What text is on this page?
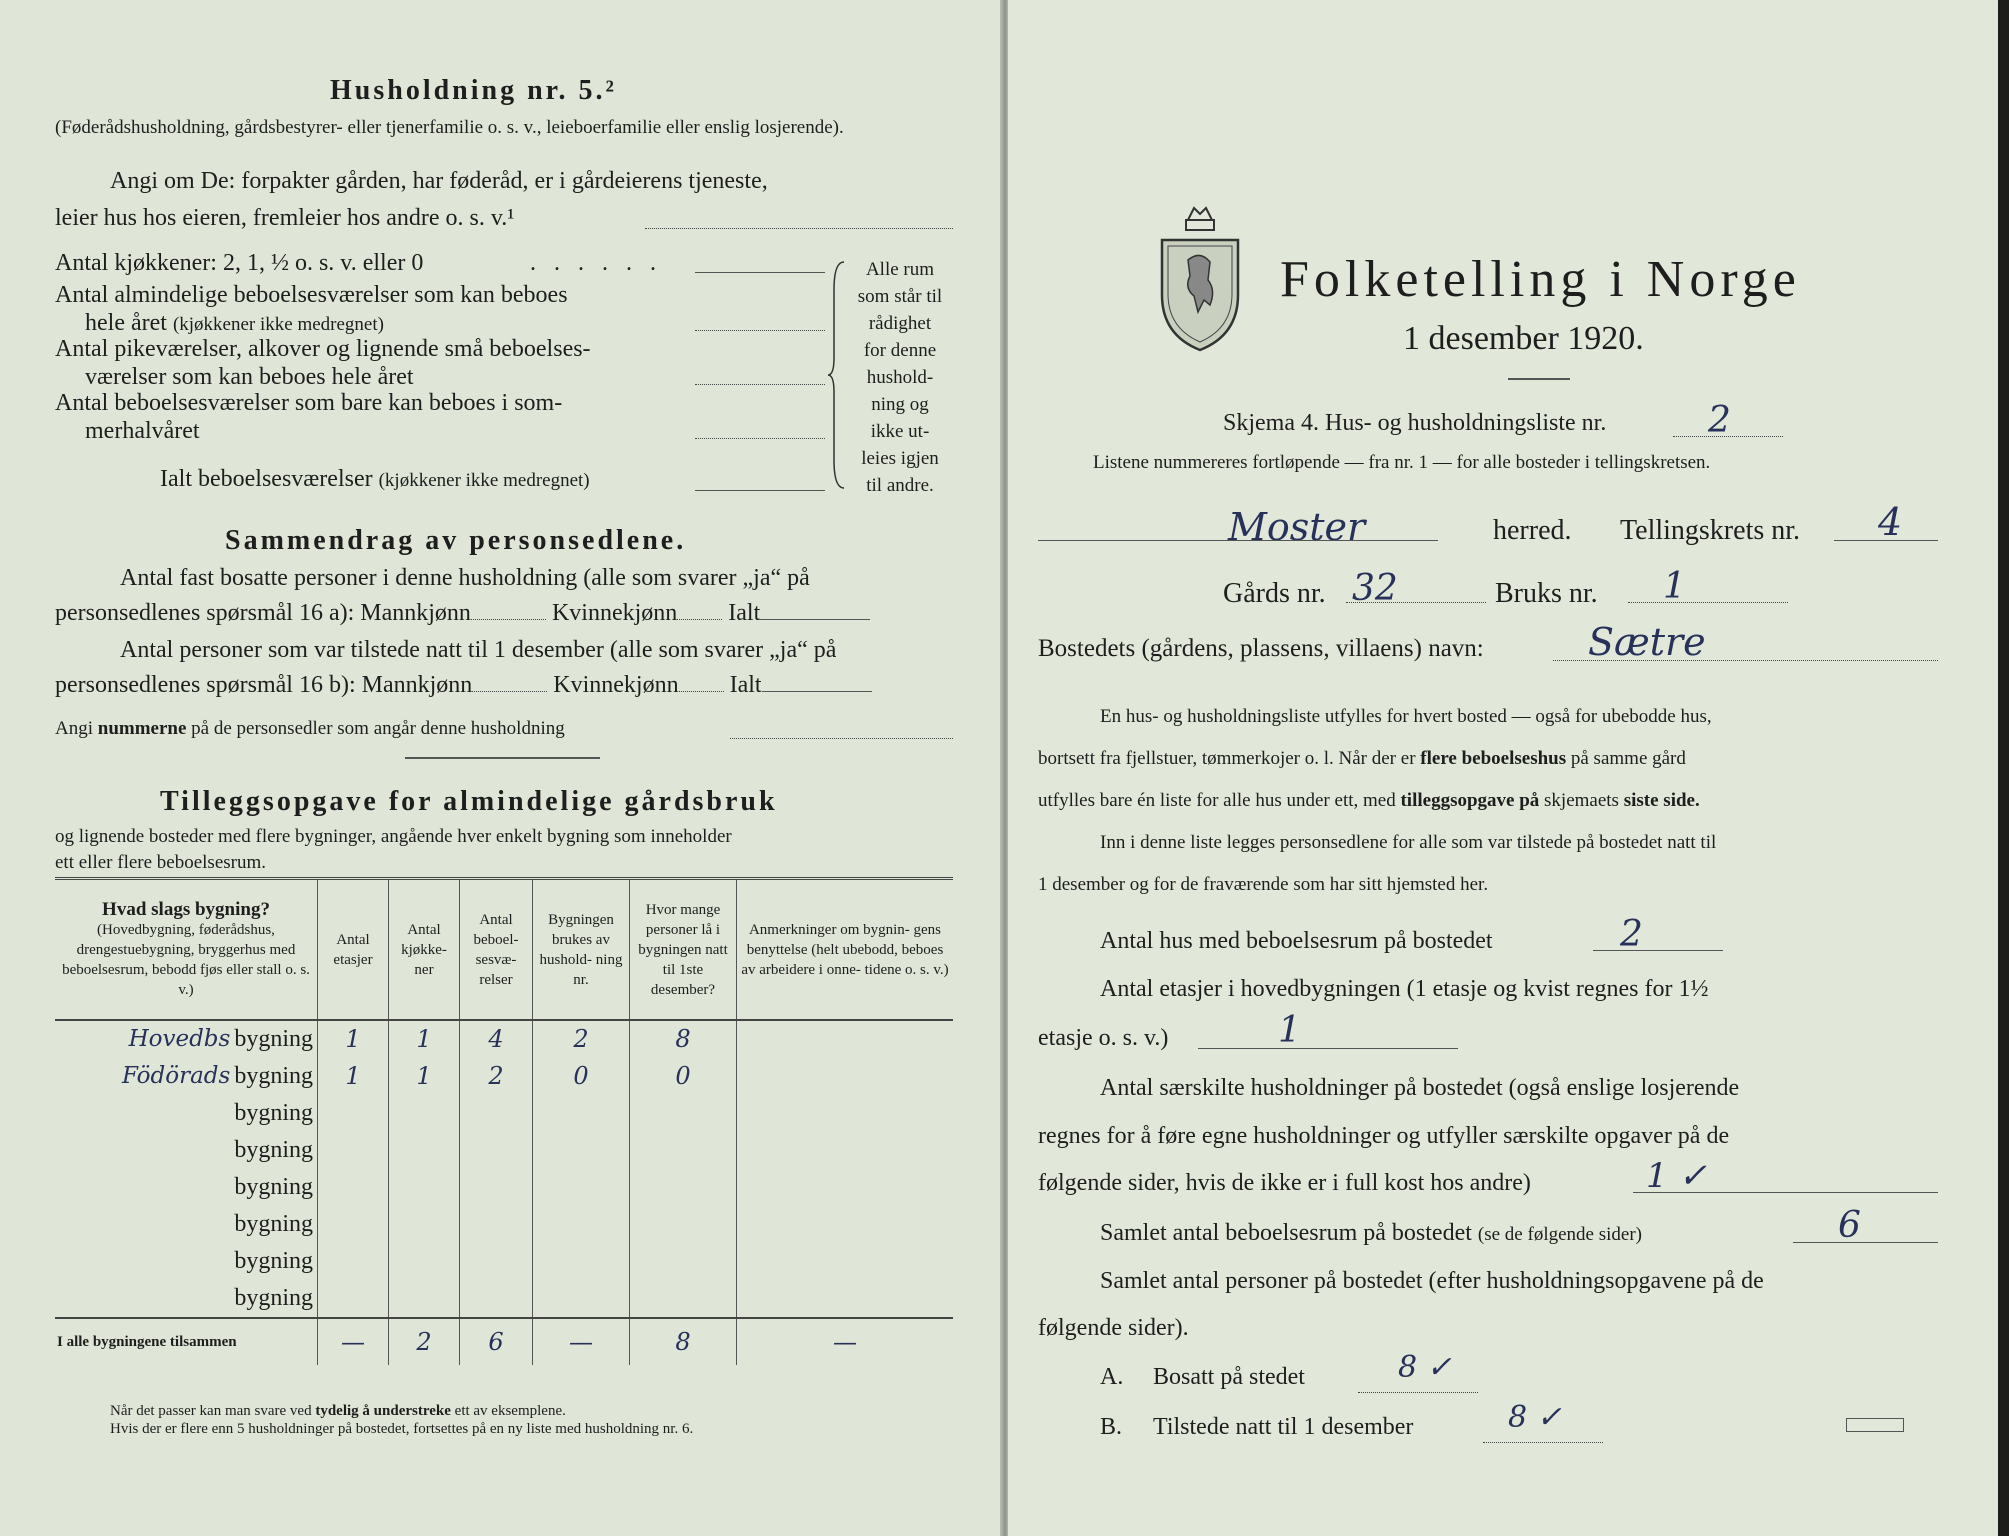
Husholdning nr. 5.²
(Føderådshusholdning, gårdsbestyrer- eller tjenerfamilie o. s. v., leieboerfamilie eller enslig losjerende).
Angi om De: forpakter gården, har føderåd, er i gårdeierens tjeneste,
leier hus hos eieren, fremleier hos andre o. s. v.¹
Antal kjøkkener: 2, 1, ½ o. s. v. eller 0	. . . . . .
Antal almindelige beboelsesværelser som kan beboes
hele året (kjøkkener ikke medregnet)
Antal pikeværelser, alkover og lignende små beboelses-
værelser som kan beboes hele året
Antal beboelsesværelser som bare kan beboes i som-
merhalvåret
Ialt beboelsesværelser (kjøkkener ikke medregnet)
Alle rum
som står til
rådighet
for denne
hushold-
ning og
ikke ut-
leies igjen
til andre.
Sammendrag av personsedlene.
Antal fast bosatte personer i denne husholdning (alle som svarer „ja“ på
personsedlenes spørsmål 16 a): Mannkjønn	Kvinnekjønn Ialt
Antal personer som var tilstede natt til 1 desember (alle som svarer „ja“ på
personsedlenes spørsmål 16 b): Mannkjønn	Kvinnekjønn Ialt
Angi nummerne på de personsedler som angår denne husholdning
Tilleggsopgave for almindelige gårdsbruk
og lignende bosteder med flere bygninger, angående hver enkelt bygning som inneholder
ett eller flere beboelsesrum.
Hvad slags bygning?
(Hovedbygning, føderådshus, drengestuebygning, bryggerhus med beboelsesrum, bebodd fjøs eller stall o. s. v.)	Antal etasjer	Antal kjøkke- ner	Antal beboel- sesvæ- relser	Bygningen brukes av hushold- ning nr.	Hvor mange personer lå i bygningen natt til 1ste desember?	Anmerkninger om bygnin- gens benyttelse (helt ubebodd, beboes av arbeidere i onne- tidene o. s. v.)
Hovedbs bygning	1	1	4	2	8	
Födörads bygning	1	1	2	0	0	
bygning						
bygning						
bygning						
bygning						
bygning						
bygning						
I alle bygningene tilsammen	—	2	6	—	8	—
Når det passer kan man svare ved tydelig å understreke ett av eksemplene.
Hvis der er flere enn 5 husholdninger på bostedet, fortsettes på en ny liste med husholdning nr. 6.
Folketelling i Norge
1 desember 1920.
Skjema 4. Hus- og husholdningsliste nr.	2
Listene nummereres fortløpende — fra nr. 1 — for alle bosteder i tellingskretsen.
Moster	herred. Tellingskrets nr. 4
Gårds nr. 32	Bruks nr. 1
Bostedets (gårdens, plassens, villaens) navn:	Sætre
En hus- og husholdningsliste utfylles for hvert bosted — også for ubebodde hus,
bortsett fra fjellstuer, tømmerkojer o. l. Når der er flere beboelseshus på samme gård
utfylles bare én liste for alle hus under ett, med tilleggsopgave på skjemaets siste side.
Inn i denne liste legges personsedlene for alle som var tilstede på bostedet natt til
1 desember og for de fraværende som har sitt hjemsted her.
Antal hus med beboelsesrum på bostedet	2
Antal etasjer i hovedbygningen (1 etasje og kvist regnes for 1½
etasje o. s. v.)	1
Antal særskilte husholdninger på bostedet (også enslige losjerende
regnes for å føre egne husholdninger og utfyller særskilte opgaver på de
følgende sider, hvis de ikke er i full kost hos andre)	1 ✓
Samlet antal beboelsesrum på bostedet (se de følgende sider)	6
Samlet antal personer på bostedet (efter husholdningsopgavene på de
følgende sider).
A. Bosatt på stedet	8 ✓
B. Tilstede natt til 1 desember	8 ✓
